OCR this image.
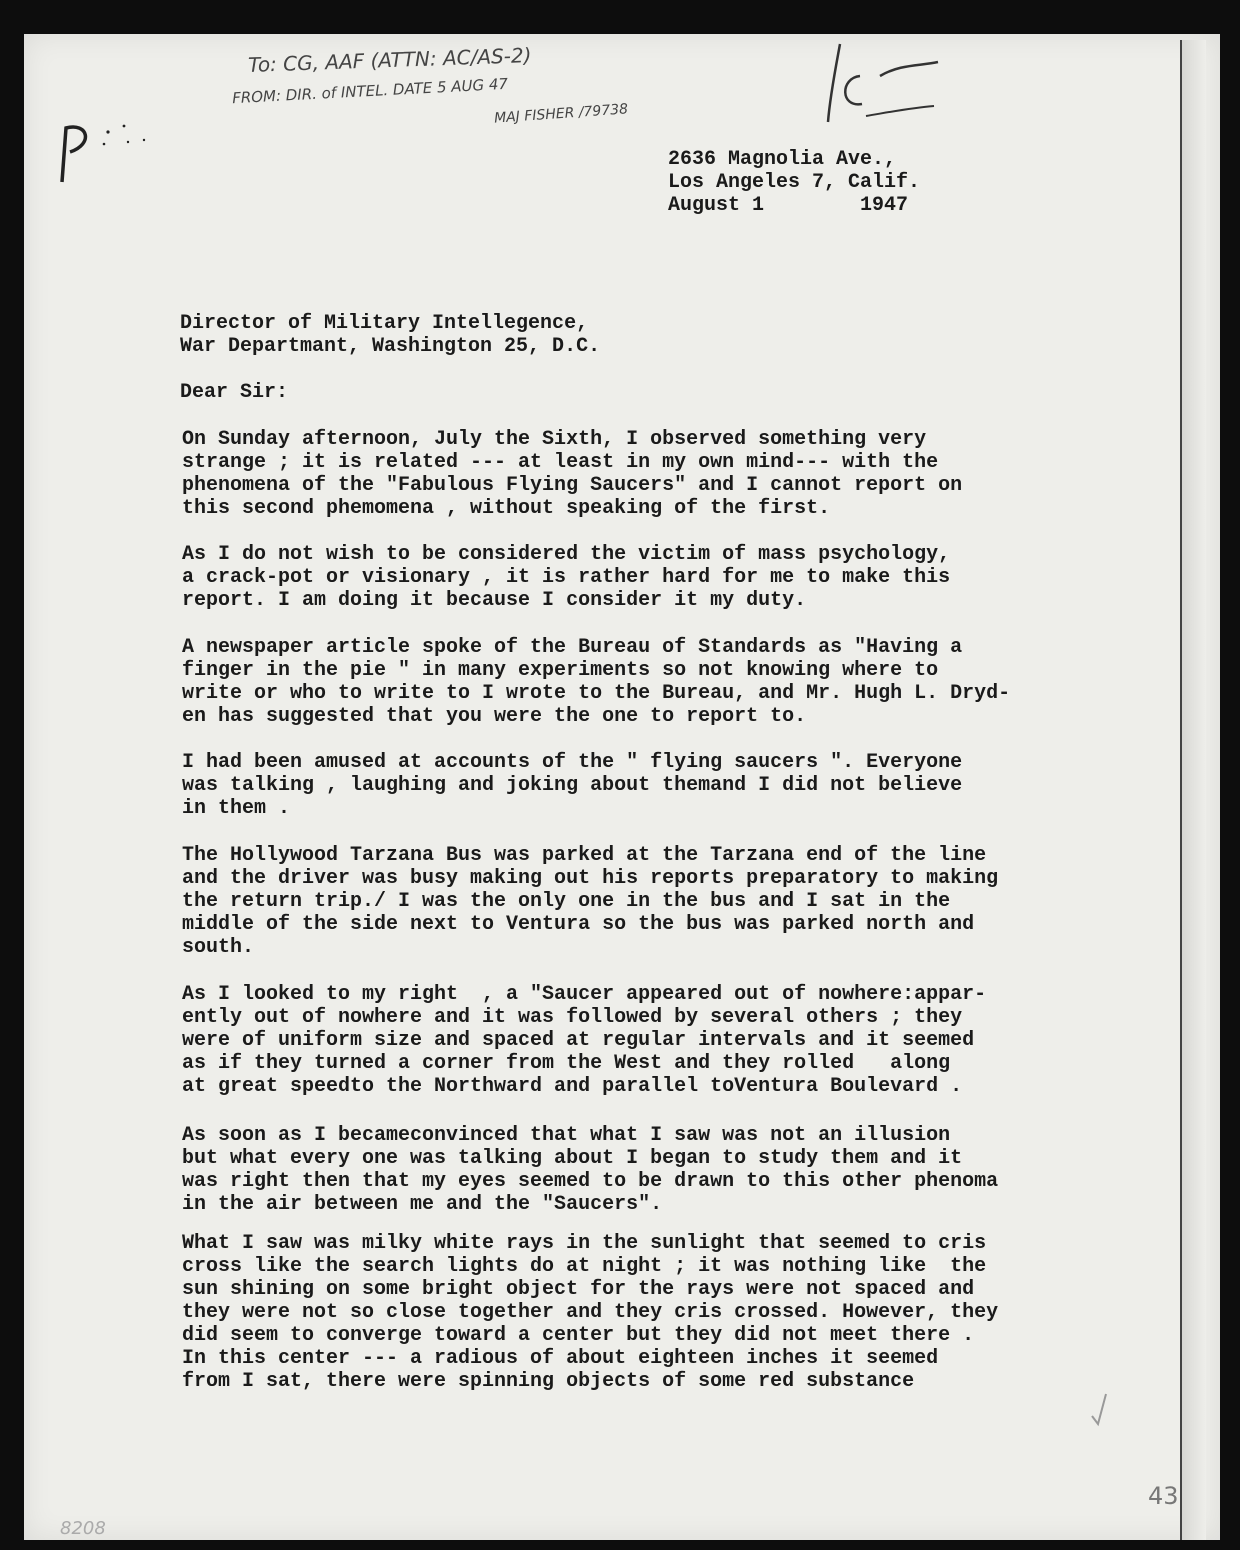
To: CG, AAF (ATTN: AC/AS-2)
FROM: DIR. of INTEL. DATE 5 AUG 47
MAJ FISHER /79738
2636 Magnolia Ave.,
Los Angeles 7, Calif.
August 1        1947
Director of Military Intellegence,
War Departmant, Washington 25, D.C.
Dear Sir:
On Sunday afternoon, July the Sixth, I observed something very
strange ; it is related --- at least in my own mind--- with the
phenomena of the "Fabulous Flying Saucers" and I cannot report on
this second phemomena , without speaking of the first.
As I do not wish to be considered the victim of mass psychology,
a crack-pot or visionary , it is rather hard for me to make this
report. I am doing it because I consider it my duty.
A newspaper article spoke of the Bureau of Standards as "Having a
finger in the pie " in many experiments so not knowing where to
write or who to write to I wrote to the Bureau, and Mr. Hugh L. Dryd-
en has suggested that you were the one to report to.
I had been amused at accounts of the " flying saucers ". Everyone
was talking , laughing and joking about themand I did not believe
in them .
The Hollywood Tarzana Bus was parked at the Tarzana end of the line
and the driver was busy making out his reports preparatory to making
the return trip./ I was the only one in the bus and I sat in the
middle of the side next to Ventura so the bus was parked north and
south.
As I looked to my right  , a "Saucer appeared out of nowhere:appar-
ently out of nowhere and it was followed by several others ; they
were of uniform size and spaced at regular intervals and it seemed
as if they turned a corner from the West and they rolled   along
at great speedto the Northward and parallel toVentura Boulevard .
As soon as I becameconvinced that what I saw was not an illusion
but what every one was talking about I began to study them and it
was right then that my eyes seemed to be drawn to this other phenoma
in the air between me and the "Saucers".
What I saw was milky white rays in the sunlight that seemed to cris
cross like the search lights do at night ; it was nothing like  the
sun shining on some bright object for the rays were not spaced and
they were not so close together and they cris crossed. However, they
did seem to converge toward a center but they did not meet there .
In this center --- a radious of about eighteen inches it seemed
from I sat, there were spinning objects of some red substance
43
8208
